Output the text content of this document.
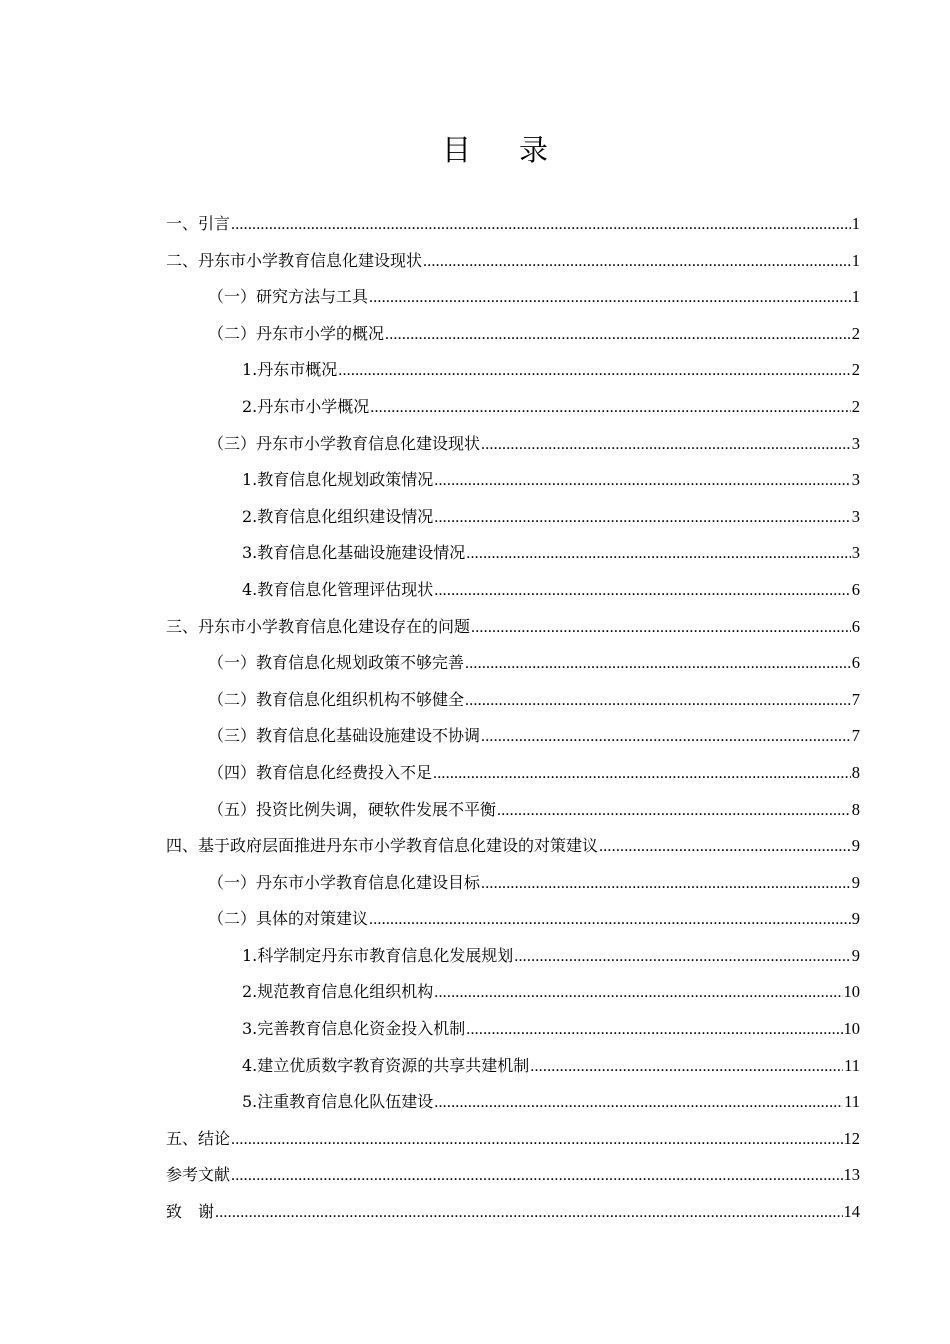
目 录
一、引言 .....	1
二、丹东市小学教育信息化建设现状 .....	1
（一）研究方法与工具 .....	1
（二）丹东市小学的概况 .....	2
1.丹东市概况 .....	2
2.丹东市小学概况 .....	2
（三）丹东市小学教育信息化建设现状 .....	3
1.教育信息化规划政策情况 .....	3
2.教育信息化组织建设情况 .....	3
3.教育信息化基础设施建设情况 .....	3
4.教育信息化管理评估现状 .....	6
三、丹东市小学教育信息化建设存在的问题 .....	6
（一）教育信息化规划政策不够完善 .....	6
（二）教育信息化组织机构不够健全 .....	7
（三）教育信息化基础设施建设不协调 .....	7
（四）教育信息化经费投入不足 .....	8
（五）投资比例失调，硬软件发展不平衡 .....	8
四、基于政府层面推进丹东市小学教育信息化建设的对策建议 .....	9
（一）丹东市小学教育信息化建设目标 .....	9
（二）具体的对策建议 .....	9
1.科学制定丹东市教育信息化发展规划 .....	9
2.规范教育信息化组织机构 .....	10
3.完善教育信息化资金投入机制 .....	10
4.建立优质数字教育资源的共享共建机制 .....	11
5.注重教育信息化队伍建设 .....	11
五、结论 .....	12
参考文献 .....	13
致　谢 .....	14
